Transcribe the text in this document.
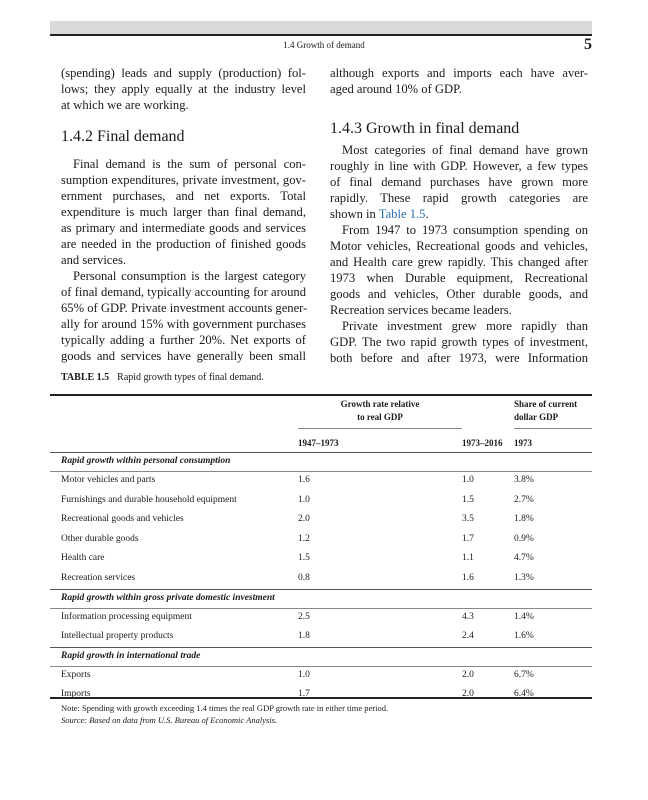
1.4 Growth of demand	5
(spending) leads and supply (production) fol-
lows; they apply equally at the industry level
at which we are working.
1.4.2 Final demand
Final demand is the sum of personal con-
sumption expenditures, private investment, gov-
ernment purchases, and net exports. Total
expenditure is much larger than final demand,
as primary and intermediate goods and services
are needed in the production of finished goods
and services.
Personal consumption is the largest category
of final demand, typically accounting for around
65% of GDP. Private investment accounts gener-
ally for around 15% with government purchases
typically adding a further 20%. Net exports of
goods and services have generally been small
although exports and imports each have aver-
aged around 10% of GDP.
1.4.3 Growth in final demand
Most categories of final demand have grown
roughly in line with GDP. However, a few types
of final demand purchases have grown more
rapidly. These rapid growth categories are
shown in Table 1.5.
From 1947 to 1973 consumption spending on
Motor vehicles, Recreational goods and vehicles,
and Health care grew rapidly. This changed after
1973 when Durable equipment, Recreational
goods and vehicles, Other durable goods, and
Recreation services became leaders.
Private investment grew more rapidly than
GDP. The two rapid growth types of investment,
both before and after 1973, were Information
TABLE 1.5 Rapid growth types of final demand.
Growth rate relative
to real GDP
Share of current
dollar GDP
1947–1973	1973–2016 1973
Rapid growth within personal consumption
Motor vehicles and parts	1.6	1.0	3.8%
Furnishings and durable household equipment	1.0	1.5	2.7%
Recreational goods and vehicles	2.0	3.5	1.8%
Other durable goods	1.2	1.7	0.9%
Health care	1.5	1.1	4.7%
Recreation services	0.8	1.6	1.3%
Rapid growth within gross private domestic investment
Information processing equipment	2.5	4.3	1.4%
Intellectual property products	1.8	2.4	1.6%
Rapid growth in international trade
Exports	1.0	2.0	6.7%
Imports	1.7	2.0	6.4%
Note: Spending with growth exceeding 1.4 times the real GDP growth rate in either time period.
Source: Based on data from U.S. Bureau of Economic Analysis.
